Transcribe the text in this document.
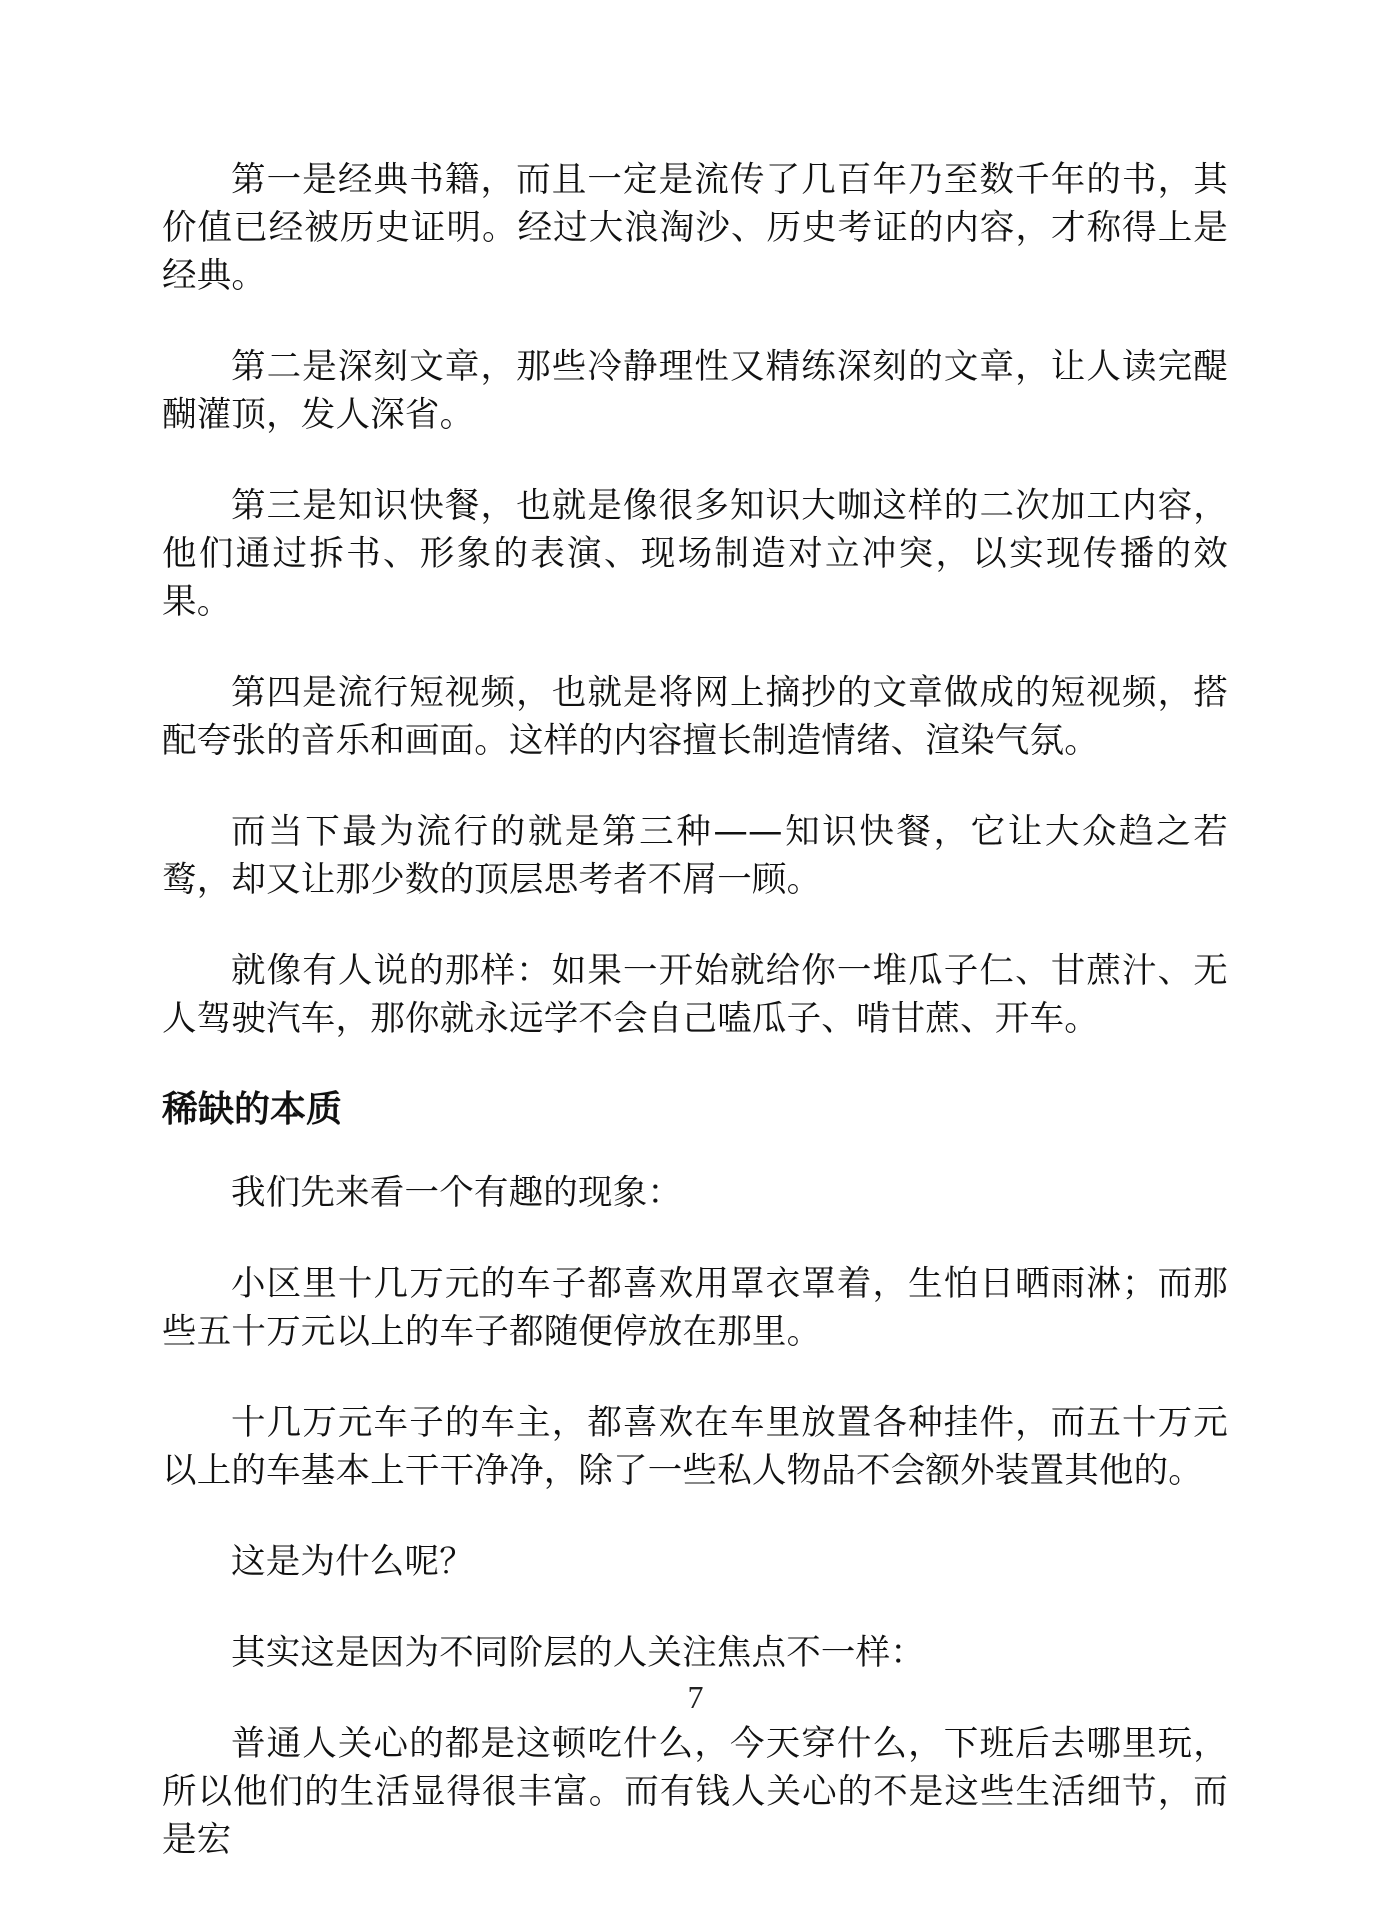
第一是经典书籍，而且一定是流传了几百年乃至数千年的书，其价值已经被历史证明。经过大浪淘沙、历史考证的内容，才称得上是经典。

第二是深刻文章，那些冷静理性又精练深刻的文章，让人读完醍醐灌顶，发人深省。

第三是知识快餐，也就是像很多知识大咖这样的二次加工内容，他们通过拆书、形象的表演、现场制造对立冲突，以实现传播的效果。

第四是流行短视频，也就是将网上摘抄的文章做成的短视频，搭配夸张的音乐和画面。这样的内容擅长制造情绪、渲染气氛。

而当下最为流行的就是第三种——知识快餐，它让大众趋之若鹜，却又让那少数的顶层思考者不屑一顾。

就像有人说的那样：如果一开始就给你一堆瓜子仁、甘蔗汁、无人驾驶汽车，那你就永远学不会自己嗑瓜子、啃甘蔗、开车。

稀缺的本质

我们先来看一个有趣的现象：

小区里十几万元的车子都喜欢用罩衣罩着，生怕日晒雨淋；而那些五十万元以上的车子都随便停放在那里。

十几万元车子的车主，都喜欢在车里放置各种挂件，而五十万元以上的车基本上干干净净，除了一些私人物品不会额外装置其他的。

这是为什么呢？

其实这是因为不同阶层的人关注焦点不一样：

普通人关心的都是这顿吃什么，今天穿什么，下班后去哪里玩，所以他们的生活显得很丰富。而有钱人关心的不是这些生活细节，而是宏

7
